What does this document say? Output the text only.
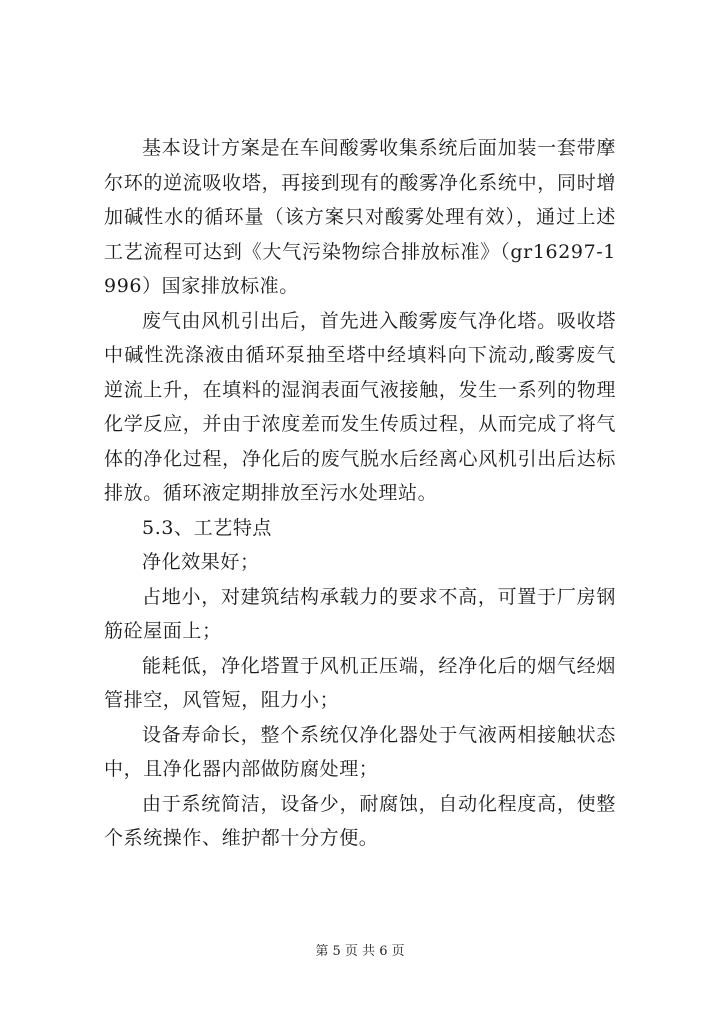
基本设计方案是在车间酸雾收集系统后面加装一套带摩尔环的逆流吸收塔，再接到现有的酸雾净化系统中，同时增加碱性水的循环量（该方案只对酸雾处理有效），通过上述工艺流程可达到《大气污染物综合排放标准》（gr16297-1996）国家排放标准。

废气由风机引出后，首先进入酸雾废气净化塔。吸收塔中碱性洗涤液由循环泵抽至塔中经填料向下流动,酸雾废气逆流上升，在填料的湿润表面气液接触，发生一系列的物理化学反应，并由于浓度差而发生传质过程，从而完成了将气体的净化过程，净化后的废气脱水后经离心风机引出后达标排放。循环液定期排放至污水处理站。

5.3、工艺特点

净化效果好；

占地小，对建筑结构承载力的要求不高，可置于厂房钢筋砼屋面上；

能耗低，净化塔置于风机正压端，经净化后的烟气经烟管排空，风管短，阻力小；

设备寿命长，整个系统仅净化器处于气液两相接触状态中，且净化器内部做防腐处理；

由于系统简洁，设备少，耐腐蚀，自动化程度高，使整个系统操作、维护都十分方便。

第 5 页 共 6 页
